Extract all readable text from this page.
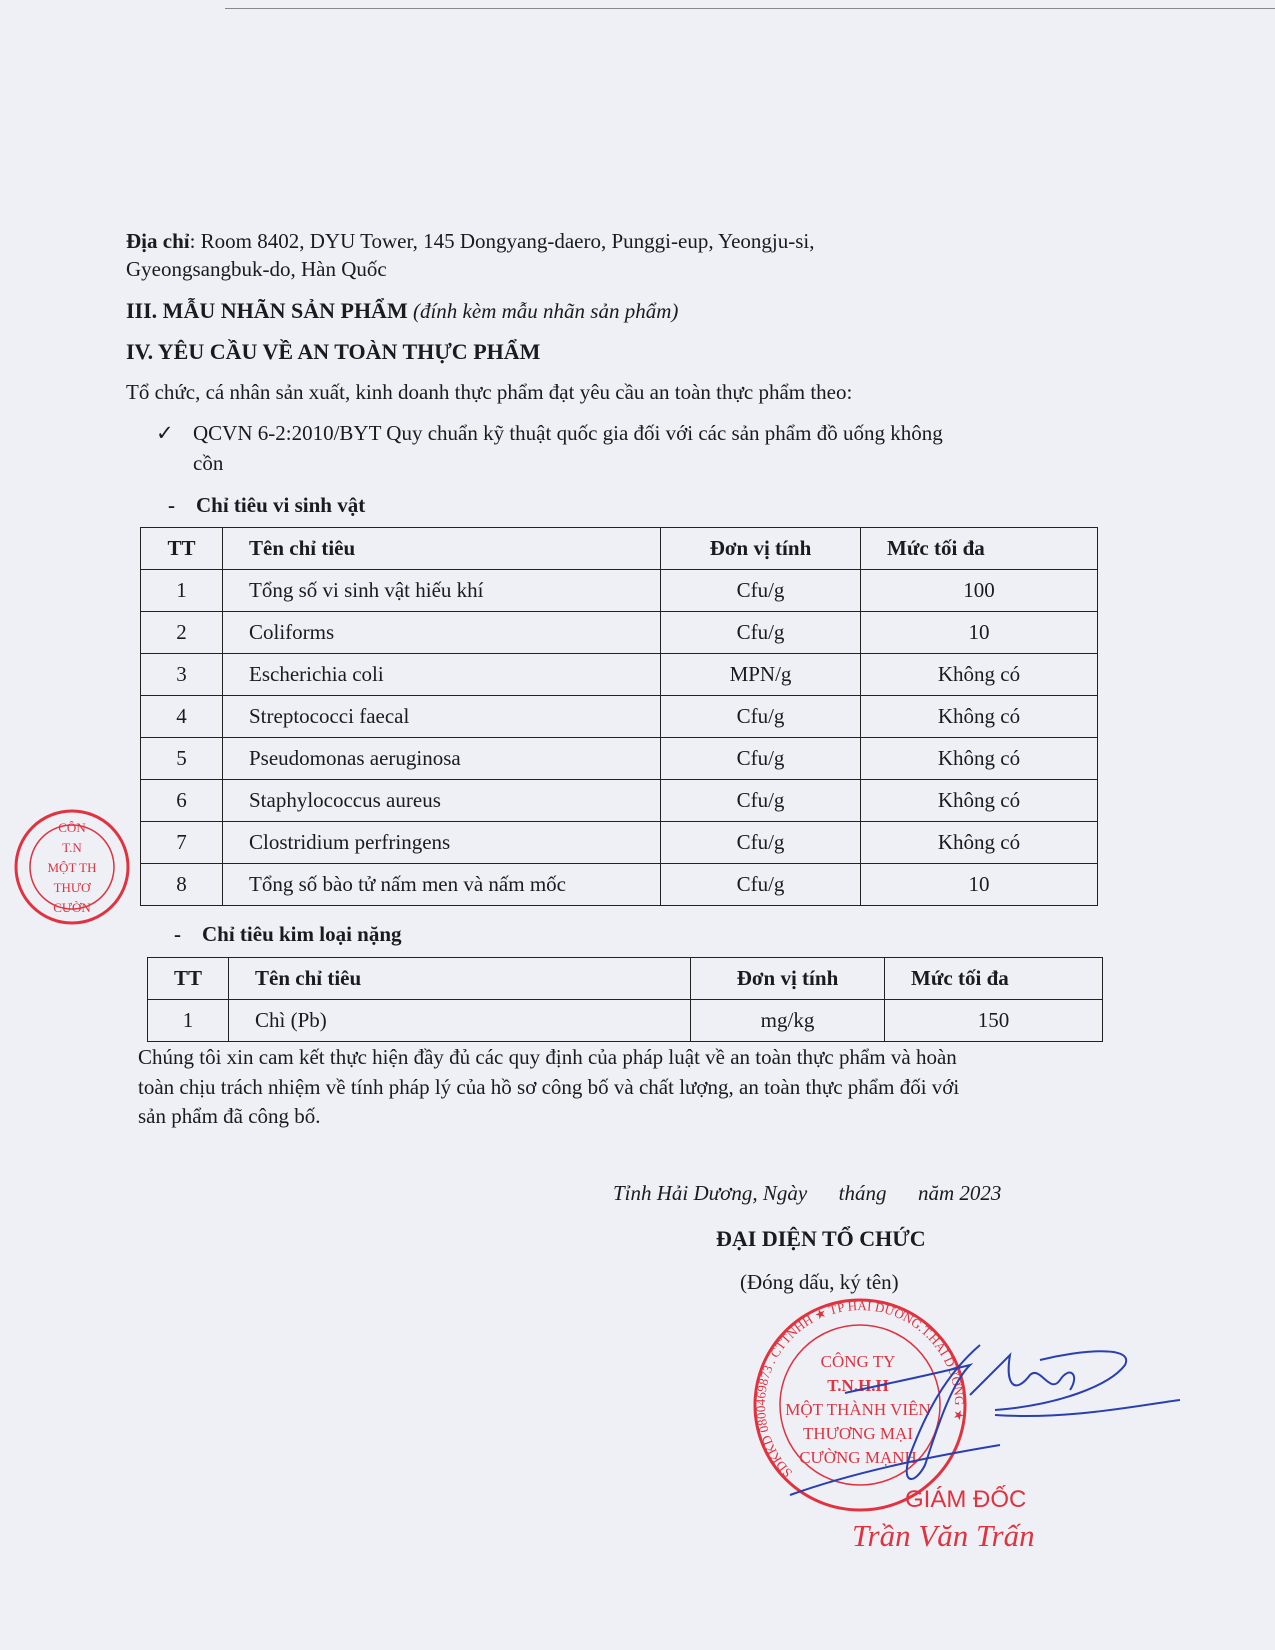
Địa chỉ: Room 8402, DYU Tower, 145 Dongyang-daero, Punggi-eup, Yeongju-si,
Gyeongsangbuk-do, Hàn Quốc
III. MẪU NHÃN SẢN PHẨM (đính kèm mẫu nhãn sản phẩm)
IV. YÊU CẦU VỀ AN TOÀN THỰC PHẨM
Tổ chức, cá nhân sản xuất, kinh doanh thực phẩm đạt yêu cầu an toàn thực phẩm theo:
✓ QCVN 6-2:2010/BYT Quy chuẩn kỹ thuật quốc gia đối với các sản phẩm đồ uống không
cồn
-    Chỉ tiêu vi sinh vật
TT	Tên chỉ tiêu	Đơn vị tính	Mức tối đa
1	Tổng số vi sinh vật hiếu khí	Cfu/g	100
2	Coliforms	Cfu/g	10
3	Escherichia coli	MPN/g	Không có
4	Streptococci faecal	Cfu/g	Không có
5	Pseudomonas aeruginosa	Cfu/g	Không có
6	Staphylococcus aureus	Cfu/g	Không có
7	Clostridium perfringens	Cfu/g	Không có
8	Tổng số bào tử nấm men và nấm mốc	Cfu/g	10
-    Chỉ tiêu kim loại nặng
TT	Tên chỉ tiêu	Đơn vị tính	Mức tối đa
1	Chì (Pb)	mg/kg	150
Chúng tôi xin cam kết thực hiện đầy đủ các quy định của pháp luật về an toàn thực phẩm và hoàn
toàn chịu trách nhiệm về tính pháp lý của hồ sơ công bố và chất lượng, an toàn thực phẩm đối với
sản phẩm đã công bố.
Tỉnh Hải Dương, Ngày      tháng      năm 2023
ĐẠI DIỆN TỔ CHỨC
(Đóng dấu, ký tên)
CÔN
T.N
MỘT TH
THƯƠ
CƯỜN
SDKKD 0800469873 . CTTNHH ★ TP HẢI DƯƠNG.T.HẢI DƯƠNG ★
CÔNG TY
T.N.H.H
MỘT THÀNH VIÊN
THƯƠNG MẠI
CƯỜNG MẠNH
GIÁM ĐỐC
Trần Văn Trấn
